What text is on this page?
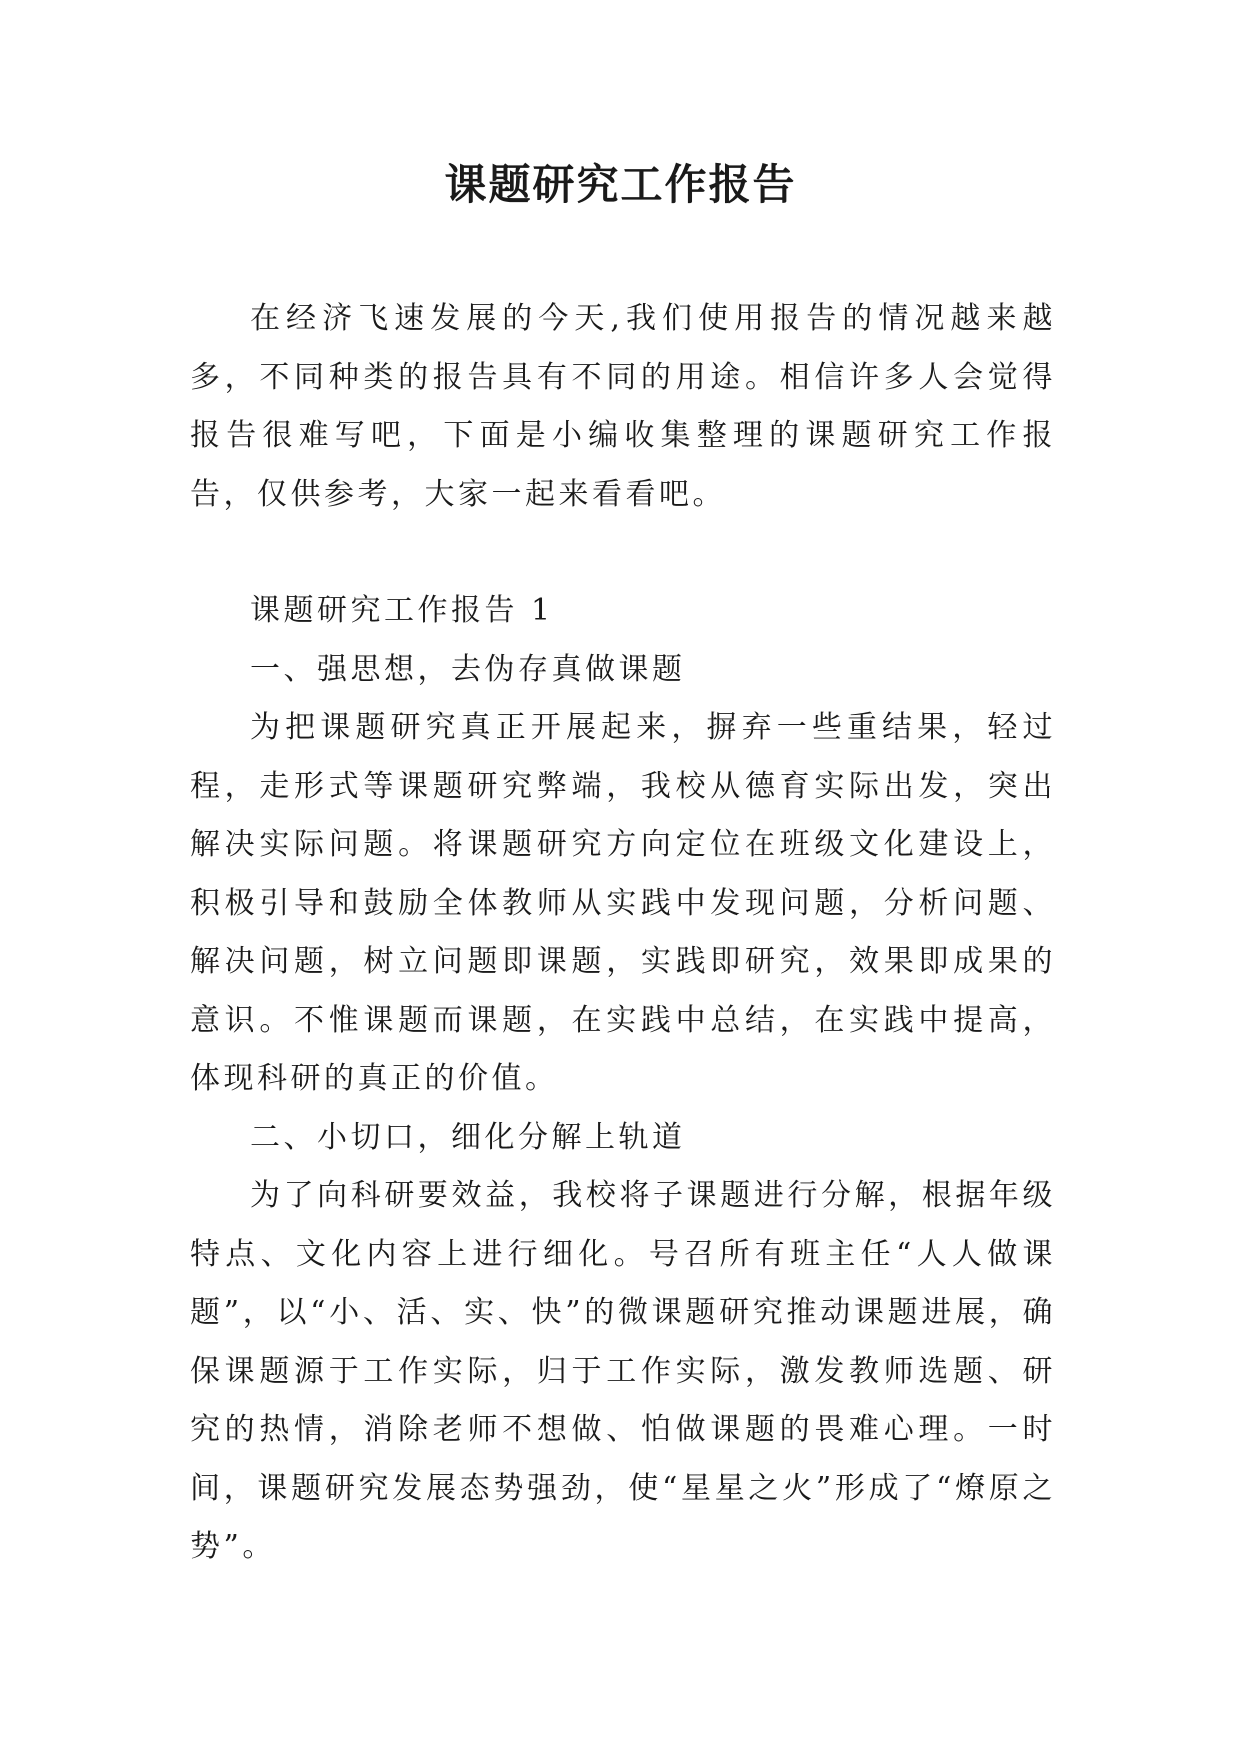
课题研究工作报告

在经济飞速发展的今天,我们使用报告的情况越来越多，不同种类的报告具有不同的用途。相信许多人会觉得报告很难写吧，下面是小编收集整理的课题研究工作报告，仅供参考，大家一起来看看吧。

课题研究工作报告 1

一、强思想，去伪存真做课题

为把课题研究真正开展起来，摒弃一些重结果，轻过程，走形式等课题研究弊端，我校从德育实际出发，突出解决实际问题。将课题研究方向定位在班级文化建设上，积极引导和鼓励全体教师从实践中发现问题，分析问题、解决问题，树立问题即课题，实践即研究，效果即成果的意识。不惟课题而课题，在实践中总结，在实践中提高，体现科研的真正的价值。

二、小切口，细化分解上轨道

为了向科研要效益，我校将子课题进行分解，根据年级特点、文化内容上进行细化。号召所有班主任“人人做课题”，以“小、活、实、快”的微课题研究推动课题进展，确保课题源于工作实际，归于工作实际，激发教师选题、研究的热情，消除老师不想做、怕做课题的畏难心理。一时间，课题研究发展态势强劲，使“星星之火”形成了“燎原之势”。
